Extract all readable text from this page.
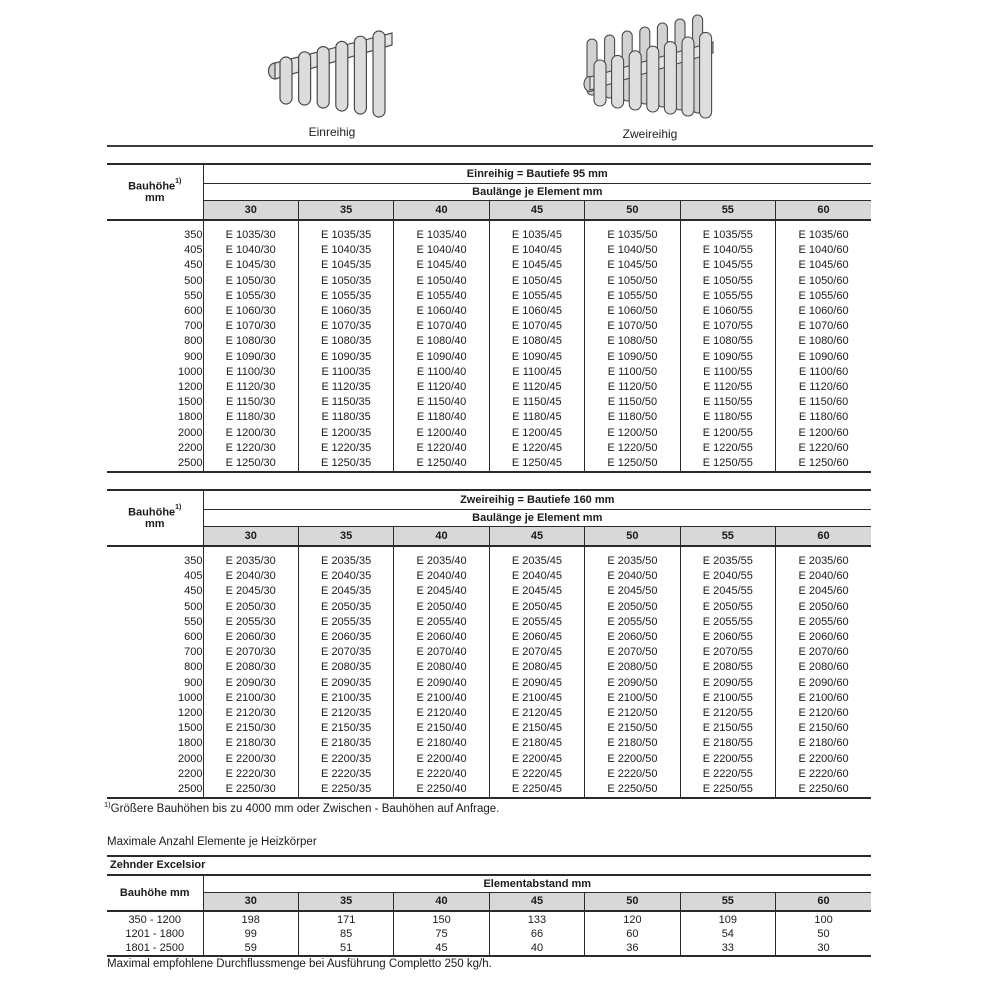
Einreihig	Zweireihig
Bauhöhe$^{1)}$
mm	Einreihig = Bautiefe 95 mm						
	Baulänge je Element mm						
	30	35	40	45	50	55	60
350	E 1035/30	E 1035/35	E 1035/40	E 1035/45	E 1035/50	E 1035/55	E 1035/60
405	E 1040/30	E 1040/35	E 1040/40	E 1040/45	E 1040/50	E 1040/55	E 1040/60
450	E 1045/30	E 1045/35	E 1045/40	E 1045/45	E 1045/50	E 1045/55	E 1045/60
500	E 1050/30	E 1050/35	E 1050/40	E 1050/45	E 1050/50	E 1050/55	E 1050/60
550	E 1055/30	E 1055/35	E 1055/40	E 1055/45	E 1055/50	E 1055/55	E 1055/60
600	E 1060/30	E 1060/35	E 1060/40	E 1060/45	E 1060/50	E 1060/55	E 1060/60
700	E 1070/30	E 1070/35	E 1070/40	E 1070/45	E 1070/50	E 1070/55	E 1070/60
800	E 1080/30	E 1080/35	E 1080/40	E 1080/45	E 1080/50	E 1080/55	E 1080/60
900	E 1090/30	E 1090/35	E 1090/40	E 1090/45	E 1090/50	E 1090/55	E 1090/60
1000	E 1100/30	E 1100/35	E 1100/40	E 1100/45	E 1100/50	E 1100/55	E 1100/60
1200	E 1120/30	E 1120/35	E 1120/40	E 1120/45	E 1120/50	E 1120/55	E 1120/60
1500	E 1150/30	E 1150/35	E 1150/40	E 1150/45	E 1150/50	E 1150/55	E 1150/60
1800	E 1180/30	E 1180/35	E 1180/40	E 1180/45	E 1180/50	E 1180/55	E 1180/60
2000	E 1200/30	E 1200/35	E 1200/40	E 1200/45	E 1200/50	E 1200/55	E 1200/60
2200	E 1220/30	E 1220/35	E 1220/40	E 1220/45	E 1220/50	E 1220/55	E 1220/60
2500	E 1250/30	E 1250/35	E 1250/40	E 1250/45	E 1250/50	E 1250/55	E 1250/60
Bauhöhe$^{1)}$
mm	Zweireihig = Bautiefe 160 mm						
	Baulänge je Element mm						
	30	35	40	45	50	55	60
350	E 2035/30	E 2035/35	E 2035/40	E 2035/45	E 2035/50	E 2035/55	E 2035/60
405	E 2040/30	E 2040/35	E 2040/40	E 2040/45	E 2040/50	E 2040/55	E 2040/60
450	E 2045/30	E 2045/35	E 2045/40	E 2045/45	E 2045/50	E 2045/55	E 2045/60
500	E 2050/30	E 2050/35	E 2050/40	E 2050/45	E 2050/50	E 2050/55	E 2050/60
550	E 2055/30	E 2055/35	E 2055/40	E 2055/45	E 2055/50	E 2055/55	E 2055/60
600	E 2060/30	E 2060/35	E 2060/40	E 2060/45	E 2060/50	E 2060/55	E 2060/60
700	E 2070/30	E 2070/35	E 2070/40	E 2070/45	E 2070/50	E 2070/55	E 2070/60
800	E 2080/30	E 2080/35	E 2080/40	E 2080/45	E 2080/50	E 2080/55	E 2080/60
900	E 2090/30	E 2090/35	E 2090/40	E 2090/45	E 2090/50	E 2090/55	E 2090/60
1000	E 2100/30	E 2100/35	E 2100/40	E 2100/45	E 2100/50	E 2100/55	E 2100/60
1200	E 2120/30	E 2120/35	E 2120/40	E 2120/45	E 2120/50	E 2120/55	E 2120/60
1500	E 2150/30	E 2150/35	E 2150/40	E 2150/45	E 2150/50	E 2150/55	E 2150/60
1800	E 2180/30	E 2180/35	E 2180/40	E 2180/45	E 2180/50	E 2180/55	E 2180/60
2000	E 2200/30	E 2200/35	E 2200/40	E 2200/45	E 2200/50	E 2200/55	E 2200/60
2200	E 2220/30	E 2220/35	E 2220/40	E 2220/45	E 2220/50	E 2220/55	E 2220/60
2500	E 2250/30	E 2250/35	E 2250/40	E 2250/45	E 2250/50	E 2250/55	E 2250/60

$^{1)}$Größere Bauhöhen bis zu 4000 mm oder Zwischen - Bauhöhen auf Anfrage.

Maximale Anzahl Elemente je Heizkörper

Zehnder Excelsior							
Bauhöhe mm	Elementabstand mm						
	30	35	40	45	50	55	60
350 - 1200	198	171	150	133	120	109	100
1201 - 1800	99	85	75	66	60	54	50
1801 - 2500	59	51	45	40	36	33	30

Maximal empfohlene Durchflussmenge bei Ausführung Completto 250 kg/h.
